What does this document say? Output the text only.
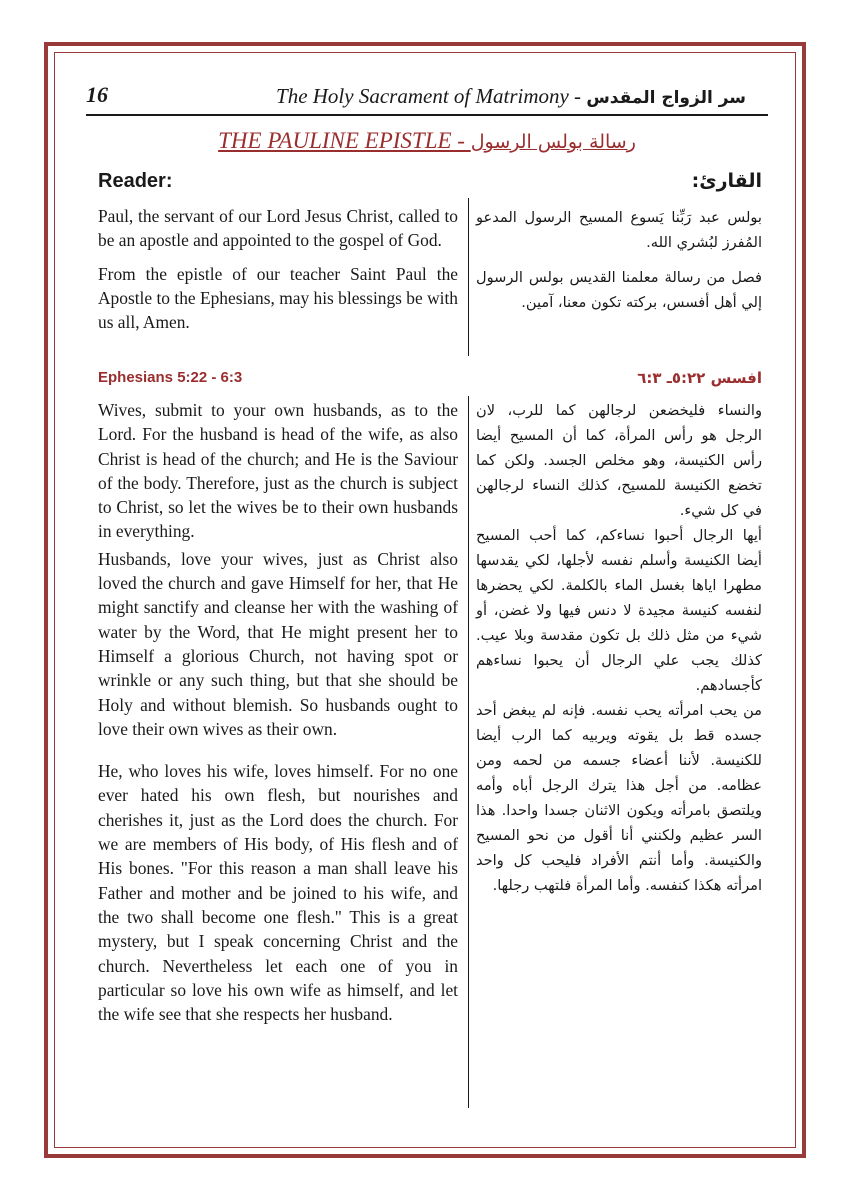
16	The Holy Sacrament of Matrimony - سر الزواج المقدس
THE PAULINE EPISTLE - رسالة بولس الرسول
Reader:	القارئ:

Paul, the servant of our Lord Jesus Christ, called to be an apostle and appointed to the gospel of God.

From the epistle of our teacher Saint Paul the Apostle to the Ephesians, may his blessings be with us all, Amen.

بولس عبد رَبِّنا يَسوع المسيح الرسول المدعو المُفرز لبُشري الله.

فصل من رسالة معلمنا القديس بولس الرسول إلي أهل أفسس، بركته تكون معنا، آمين.

Ephesians 5:22 - 6:3	افسس ٥:٢٢ـ ٦:٣

Wives, submit to your own husbands, as to the Lord. For the husband is head of the wife, as also Christ is head of the church; and He is the Saviour of the body. Therefore, just as the church is subject to Christ, so let the wives be to their own husbands in everything.

Husbands, love your wives, just as Christ also loved the church and gave Himself for her, that He might sanctify and cleanse her with the washing of water by the Word, that He might present her to Himself a glorious Church, not having spot or wrinkle or any such thing, but that she should be Holy and without blemish. So husbands ought to love their own wives as their own.

He, who loves his wife, loves himself. For no one ever hated his own flesh, but nourishes and cherishes it, just as the Lord does the church. For we are members of His body, of His flesh and of His bones. "For this reason a man shall leave his Father and mother and be joined to his wife, and the two shall become one flesh." This is a great mystery, but I speak concerning Christ and the church. Nevertheless let each one of you in particular so love his own wife as himself, and let the wife see that she respects her husband.

والنساء فليخضعن لرجالهن كما للرب، لان الرجل هو رأس المرأة، كما أن المسيح أيضا رأس الكنيسة، وهو مخلص الجسد. ولكن كما تخضع الكنيسة للمسيح، كذلك النساء لرجالهن في كل شيء.

أيها الرجال أحبوا نساءكم، كما أحب المسيح أيضا الكنيسة وأسلم نفسه لأجلها، لكي يقدسها مطهرا اياها بغسل الماء بالكلمة. لكي يحضرها لنفسه كنيسة مجيدة لا دنس فيها ولا غضن، أو شيء من مثل ذلك بل تكون مقدسة وبلا عيب. كذلك يجب علي الرجال أن يحبوا نساءهم كأجسادهم.

من يحب امرأته يحب نفسه. فإنه لم يبغض أحد جسده قط بل يقوته ويربيه كما الرب أيضا للكنيسة. لأننا أعضاء جسمه من لحمه ومن عظامه. من أجل هذا يترك الرجل أباه وأمه ويلتصق بامرأته ويكون الاثنان جسدا واحدا. هذا السر عظيم ولكنني أنا أقول من نحو المسيح والكنيسة. وأما أنتم الأفراد فليحب كل واحد امرأته هكذا كنفسه. وأما المرأة فلتهب رجلها.
